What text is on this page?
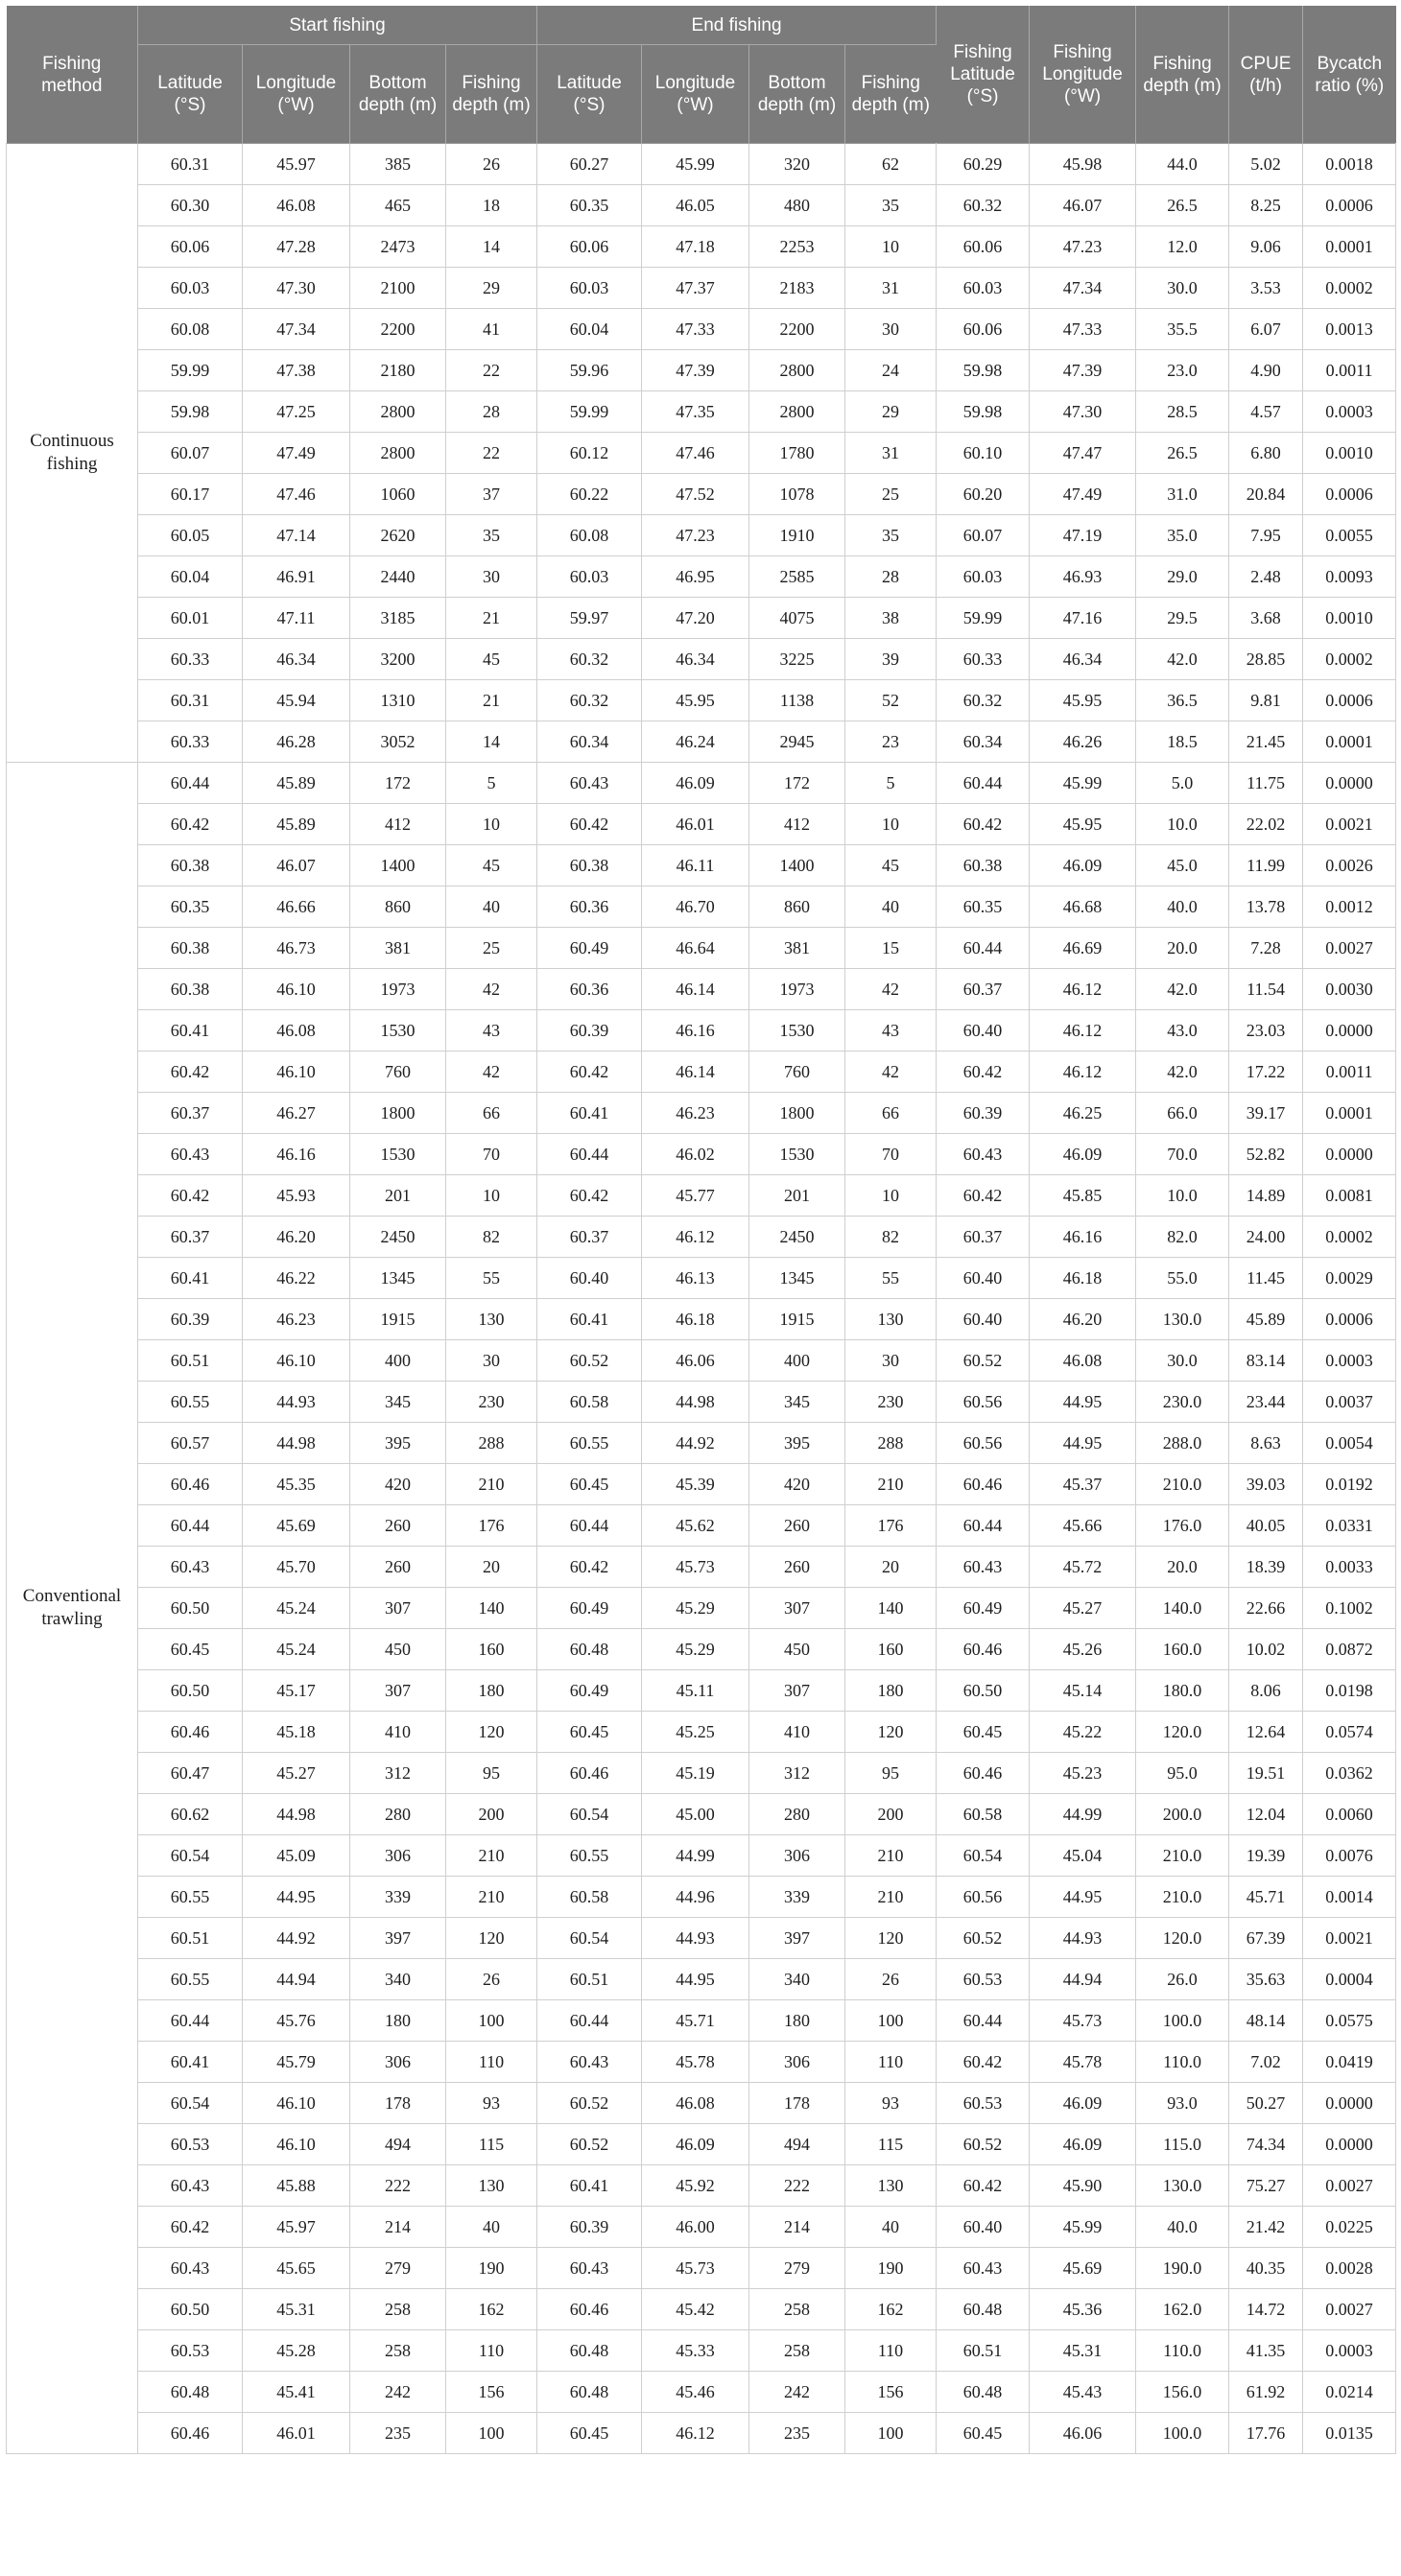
Fishing method	Start fishing				End fishing				Fishing Latitude (°S)	Fishing Longitude (°W)	Fishing depth (m)	CPUE (t/h)	Bycatch ratio (%)
	Latitude (°S)	Longitude (°W)	Bottom depth (m)	Fishing depth (m)	Latitude (°S)	Longitude (°W)	Bottom depth (m)	Fishing depth (m)					
Continuous fishing	60.31	45.97	385	26	60.27	45.99	320	62	60.29	45.98	44.0	5.02	0.0018
	60.30	46.08	465	18	60.35	46.05	480	35	60.32	46.07	26.5	8.25	0.0006
	60.06	47.28	2473	14	60.06	47.18	2253	10	60.06	47.23	12.0	9.06	0.0001
	60.03	47.30	2100	29	60.03	47.37	2183	31	60.03	47.34	30.0	3.53	0.0002
	60.08	47.34	2200	41	60.04	47.33	2200	30	60.06	47.33	35.5	6.07	0.0013
	59.99	47.38	2180	22	59.96	47.39	2800	24	59.98	47.39	23.0	4.90	0.0011
	59.98	47.25	2800	28	59.99	47.35	2800	29	59.98	47.30	28.5	4.57	0.0003
	60.07	47.49	2800	22	60.12	47.46	1780	31	60.10	47.47	26.5	6.80	0.0010
	60.17	47.46	1060	37	60.22	47.52	1078	25	60.20	47.49	31.0	20.84	0.0006
	60.05	47.14	2620	35	60.08	47.23	1910	35	60.07	47.19	35.0	7.95	0.0055
	60.04	46.91	2440	30	60.03	46.95	2585	28	60.03	46.93	29.0	2.48	0.0093
	60.01	47.11	3185	21	59.97	47.20	4075	38	59.99	47.16	29.5	3.68	0.0010
	60.33	46.34	3200	45	60.32	46.34	3225	39	60.33	46.34	42.0	28.85	0.0002
	60.31	45.94	1310	21	60.32	45.95	1138	52	60.32	45.95	36.5	9.81	0.0006
	60.33	46.28	3052	14	60.34	46.24	2945	23	60.34	46.26	18.5	21.45	0.0001
Conventional trawling	60.44	45.89	172	5	60.43	46.09	172	5	60.44	45.99	5.0	11.75	0.0000
	60.42	45.89	412	10	60.42	46.01	412	10	60.42	45.95	10.0	22.02	0.0021
	60.38	46.07	1400	45	60.38	46.11	1400	45	60.38	46.09	45.0	11.99	0.0026
	60.35	46.66	860	40	60.36	46.70	860	40	60.35	46.68	40.0	13.78	0.0012
	60.38	46.73	381	25	60.49	46.64	381	15	60.44	46.69	20.0	7.28	0.0027
	60.38	46.10	1973	42	60.36	46.14	1973	42	60.37	46.12	42.0	11.54	0.0030
	60.41	46.08	1530	43	60.39	46.16	1530	43	60.40	46.12	43.0	23.03	0.0000
	60.42	46.10	760	42	60.42	46.14	760	42	60.42	46.12	42.0	17.22	0.0011
	60.37	46.27	1800	66	60.41	46.23	1800	66	60.39	46.25	66.0	39.17	0.0001
	60.43	46.16	1530	70	60.44	46.02	1530	70	60.43	46.09	70.0	52.82	0.0000
	60.42	45.93	201	10	60.42	45.77	201	10	60.42	45.85	10.0	14.89	0.0081
	60.37	46.20	2450	82	60.37	46.12	2450	82	60.37	46.16	82.0	24.00	0.0002
	60.41	46.22	1345	55	60.40	46.13	1345	55	60.40	46.18	55.0	11.45	0.0029
	60.39	46.23	1915	130	60.41	46.18	1915	130	60.40	46.20	130.0	45.89	0.0006
	60.51	46.10	400	30	60.52	46.06	400	30	60.52	46.08	30.0	83.14	0.0003
	60.55	44.93	345	230	60.58	44.98	345	230	60.56	44.95	230.0	23.44	0.0037
	60.57	44.98	395	288	60.55	44.92	395	288	60.56	44.95	288.0	8.63	0.0054
	60.46	45.35	420	210	60.45	45.39	420	210	60.46	45.37	210.0	39.03	0.0192
	60.44	45.69	260	176	60.44	45.62	260	176	60.44	45.66	176.0	40.05	0.0331
	60.43	45.70	260	20	60.42	45.73	260	20	60.43	45.72	20.0	18.39	0.0033
	60.50	45.24	307	140	60.49	45.29	307	140	60.49	45.27	140.0	22.66	0.1002
	60.45	45.24	450	160	60.48	45.29	450	160	60.46	45.26	160.0	10.02	0.0872
	60.50	45.17	307	180	60.49	45.11	307	180	60.50	45.14	180.0	8.06	0.0198
	60.46	45.18	410	120	60.45	45.25	410	120	60.45	45.22	120.0	12.64	0.0574
	60.47	45.27	312	95	60.46	45.19	312	95	60.46	45.23	95.0	19.51	0.0362
	60.62	44.98	280	200	60.54	45.00	280	200	60.58	44.99	200.0	12.04	0.0060
	60.54	45.09	306	210	60.55	44.99	306	210	60.54	45.04	210.0	19.39	0.0076
	60.55	44.95	339	210	60.58	44.96	339	210	60.56	44.95	210.0	45.71	0.0014
	60.51	44.92	397	120	60.54	44.93	397	120	60.52	44.93	120.0	67.39	0.0021
	60.55	44.94	340	26	60.51	44.95	340	26	60.53	44.94	26.0	35.63	0.0004
	60.44	45.76	180	100	60.44	45.71	180	100	60.44	45.73	100.0	48.14	0.0575
	60.41	45.79	306	110	60.43	45.78	306	110	60.42	45.78	110.0	7.02	0.0419
	60.54	46.10	178	93	60.52	46.08	178	93	60.53	46.09	93.0	50.27	0.0000
	60.53	46.10	494	115	60.52	46.09	494	115	60.52	46.09	115.0	74.34	0.0000
	60.43	45.88	222	130	60.41	45.92	222	130	60.42	45.90	130.0	75.27	0.0027
	60.42	45.97	214	40	60.39	46.00	214	40	60.40	45.99	40.0	21.42	0.0225
	60.43	45.65	279	190	60.43	45.73	279	190	60.43	45.69	190.0	40.35	0.0028
	60.50	45.31	258	162	60.46	45.42	258	162	60.48	45.36	162.0	14.72	0.0027
	60.53	45.28	258	110	60.48	45.33	258	110	60.51	45.31	110.0	41.35	0.0003
	60.48	45.41	242	156	60.48	45.46	242	156	60.48	45.43	156.0	61.92	0.0214
	60.46	46.01	235	100	60.45	46.12	235	100	60.45	46.06	100.0	17.76	0.0135
